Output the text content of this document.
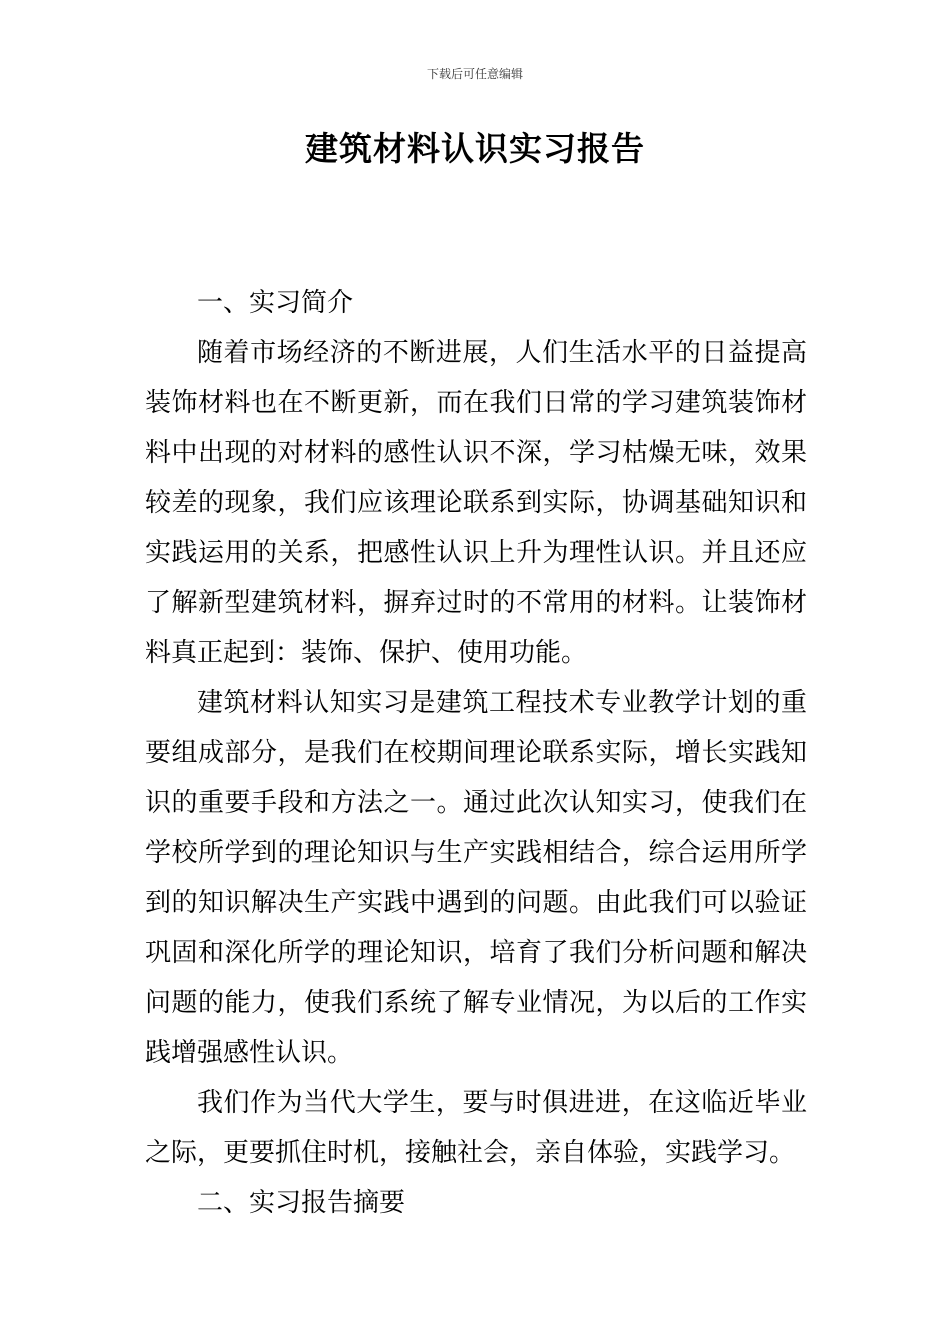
下载后可任意编辑
建筑材料认识实习报告

一、实习简介

随着市场经济的不断进展，人们生活水平的日益提高装饰材料也在不断更新，而在我们日常的学习建筑装饰材料中出现的对材料的感性认识不深，学习枯燥无味，效果较差的现象，我们应该理论联系到实际，协调基础知识和实践运用的关系，把感性认识上升为理性认识。并且还应了解新型建筑材料，摒弃过时的不常用的材料。让装饰材料真正起到：装饰、保护、使用功能。

建筑材料认知实习是建筑工程技术专业教学计划的重要组成部分，是我们在校期间理论联系实际，增长实践知识的重要手段和方法之一。通过此次认知实习，使我们在学校所学到的理论知识与生产实践相结合，综合运用所学到的知识解决生产实践中遇到的问题。由此我们可以验证巩固和深化所学的理论知识，培育了我们分析问题和解决问题的能力，使我们系统了解专业情况，为以后的工作实践增强感性认识。

我们作为当代大学生，要与时俱进进，在这临近毕业之际，更要抓住时机，接触社会，亲自体验，实践学习。

二、实习报告摘要
